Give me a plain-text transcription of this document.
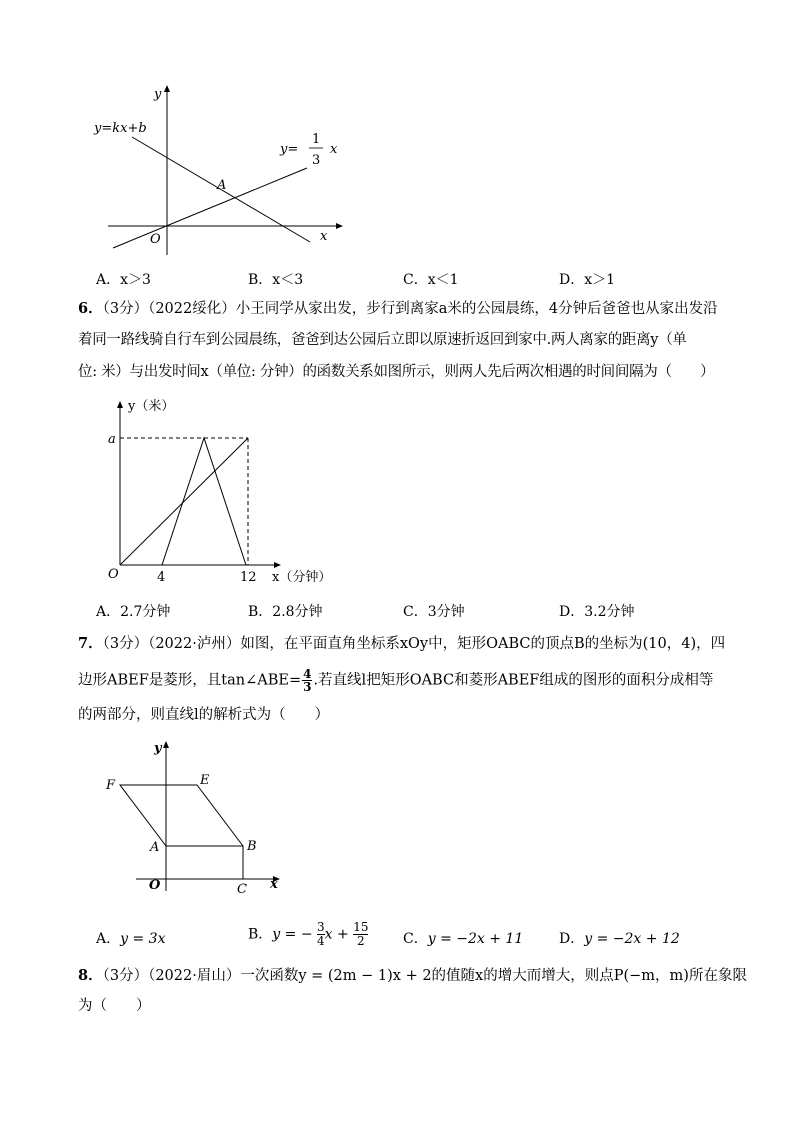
y
x
O
y=kx+b
y=
1
3
x
A
A．x＞3	B．x＜3	C．x＜1	D．x＞1
6．（3分）（2022绥化）小王同学从家出发，步行到离家a米的公园晨练，4分钟后爸爸也从家出发沿
着同一路线骑自行车到公园晨练，爸爸到达公园后立即以原速折返回到家中.两人离家的距离y（单
位: 米）与出发时间x（单位: 分钟）的函数关系如图所示，则两人先后两次相遇的时间间隔为（　　）
y（米）
a
O	4	12 x（分钟）
A．2.7分钟	B．2.8分钟	C．3分钟	D．3.2分钟
7．（3分）（2022·泸州）如图，在平面直角坐标系xOy中，矩形OABC的顶点B的坐标为(10，4)，四
边形ABEF是菱形，且tan∠ABE= $\frac{4}{3}$ .若直线l把矩形OABC和菱形ABEF组成的图形的面积分成相等
的两部分，则直线l的解析式为（　　）
y
x
O
A	B
C
E
F
A．y = 3x	B．y = − $\frac{3}{4}$ $x + \frac{15}{2}$ C．y = −2x + 11	D．y = −2x + 12
8．（3分）（2022·眉山）一次函数y = (2m − 1)x + 2的值随x的增大而增大，则点P(−m，m)所在象限
为（　　）
